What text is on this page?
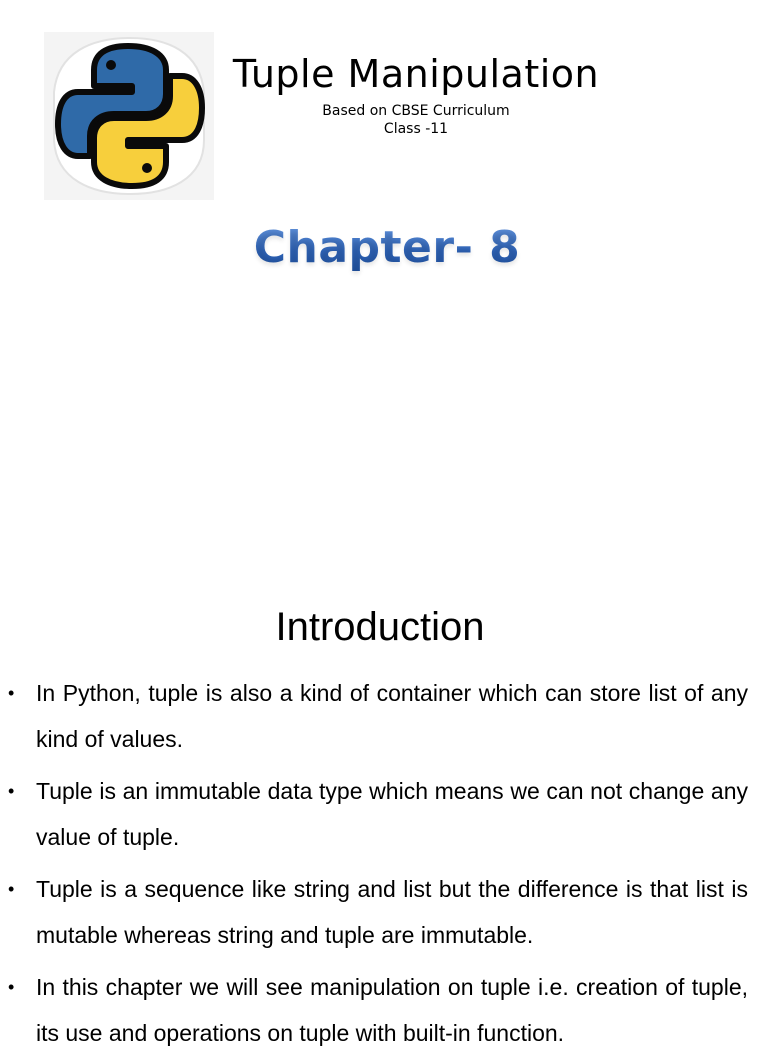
Tuple Manipulation
Based on CBSE Curriculum
Class -11
Chapter- 8
Introduction
• In Python, tuple is also a kind of container which can store list of any kind of values.
• Tuple is an immutable data type which means we can not change any value of tuple.
• Tuple is a sequence like string and list but the difference is that list is mutable whereas string and tuple are immutable.
• In this chapter we will see manipulation on tuple i.e. creation of tuple, its use and operations on tuple with built-in function.
